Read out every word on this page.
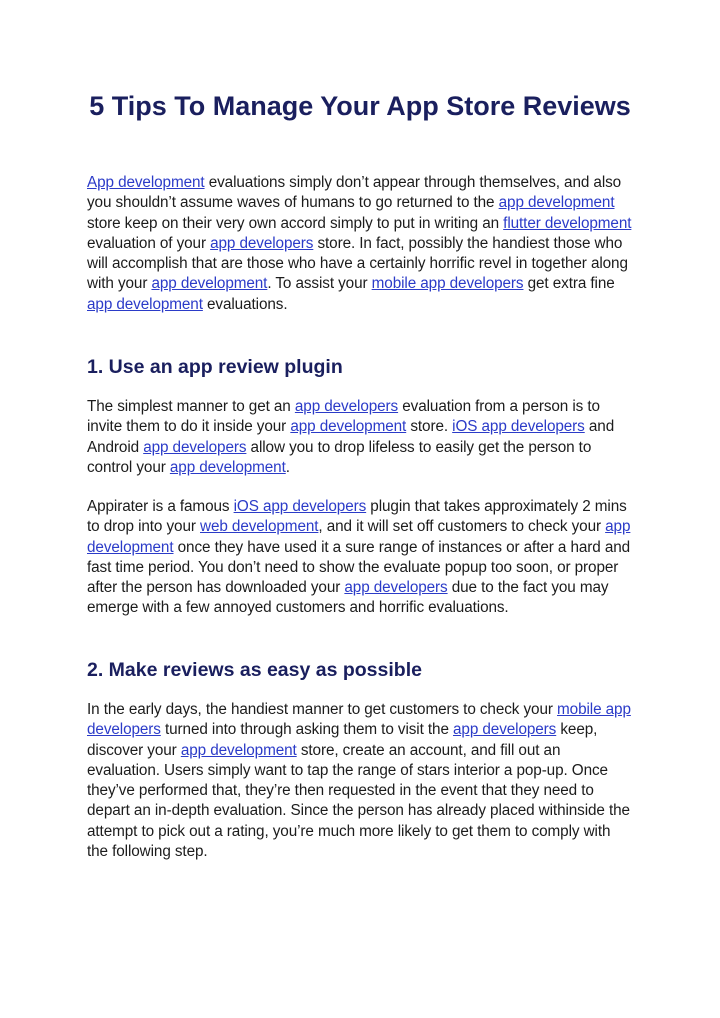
5 Tips To Manage Your App Store Reviews

App development evaluations simply don’t appear through themselves, and also you shouldn’t assume waves of humans to go returned to the app development store keep on their very own accord simply to put in writing an flutter development evaluation of your app developers store. In fact, possibly the handiest those who will accomplish that are those who have a certainly horrific revel in together along with your app development. To assist your mobile app developers get extra fine app development evaluations.

1. Use an app review plugin

The simplest manner to get an app developers evaluation from a person is to invite them to do it inside your app development store. iOS app developers and Android app developers allow you to drop lifeless to easily get the person to control your app development.

Appirater is a famous iOS app developers plugin that takes approximately 2 mins to drop into your web development, and it will set off customers to check your app development once they have used it a sure range of instances or after a hard and fast time period. You don’t need to show the evaluate popup too soon, or proper after the person has downloaded your app developers due to the fact you may emerge with a few annoyed customers and horrific evaluations.

2. Make reviews as easy as possible

In the early days, the handiest manner to get customers to check your mobile app developers turned into through asking them to visit the app developers keep, discover your app development store, create an account, and fill out an evaluation. Users simply want to tap the range of stars interior a pop-up. Once they’ve performed that, they’re then requested in the event that they need to depart an in-depth evaluation. Since the person has already placed withinside the attempt to pick out a rating, you’re much more likely to get them to comply with the following step.
